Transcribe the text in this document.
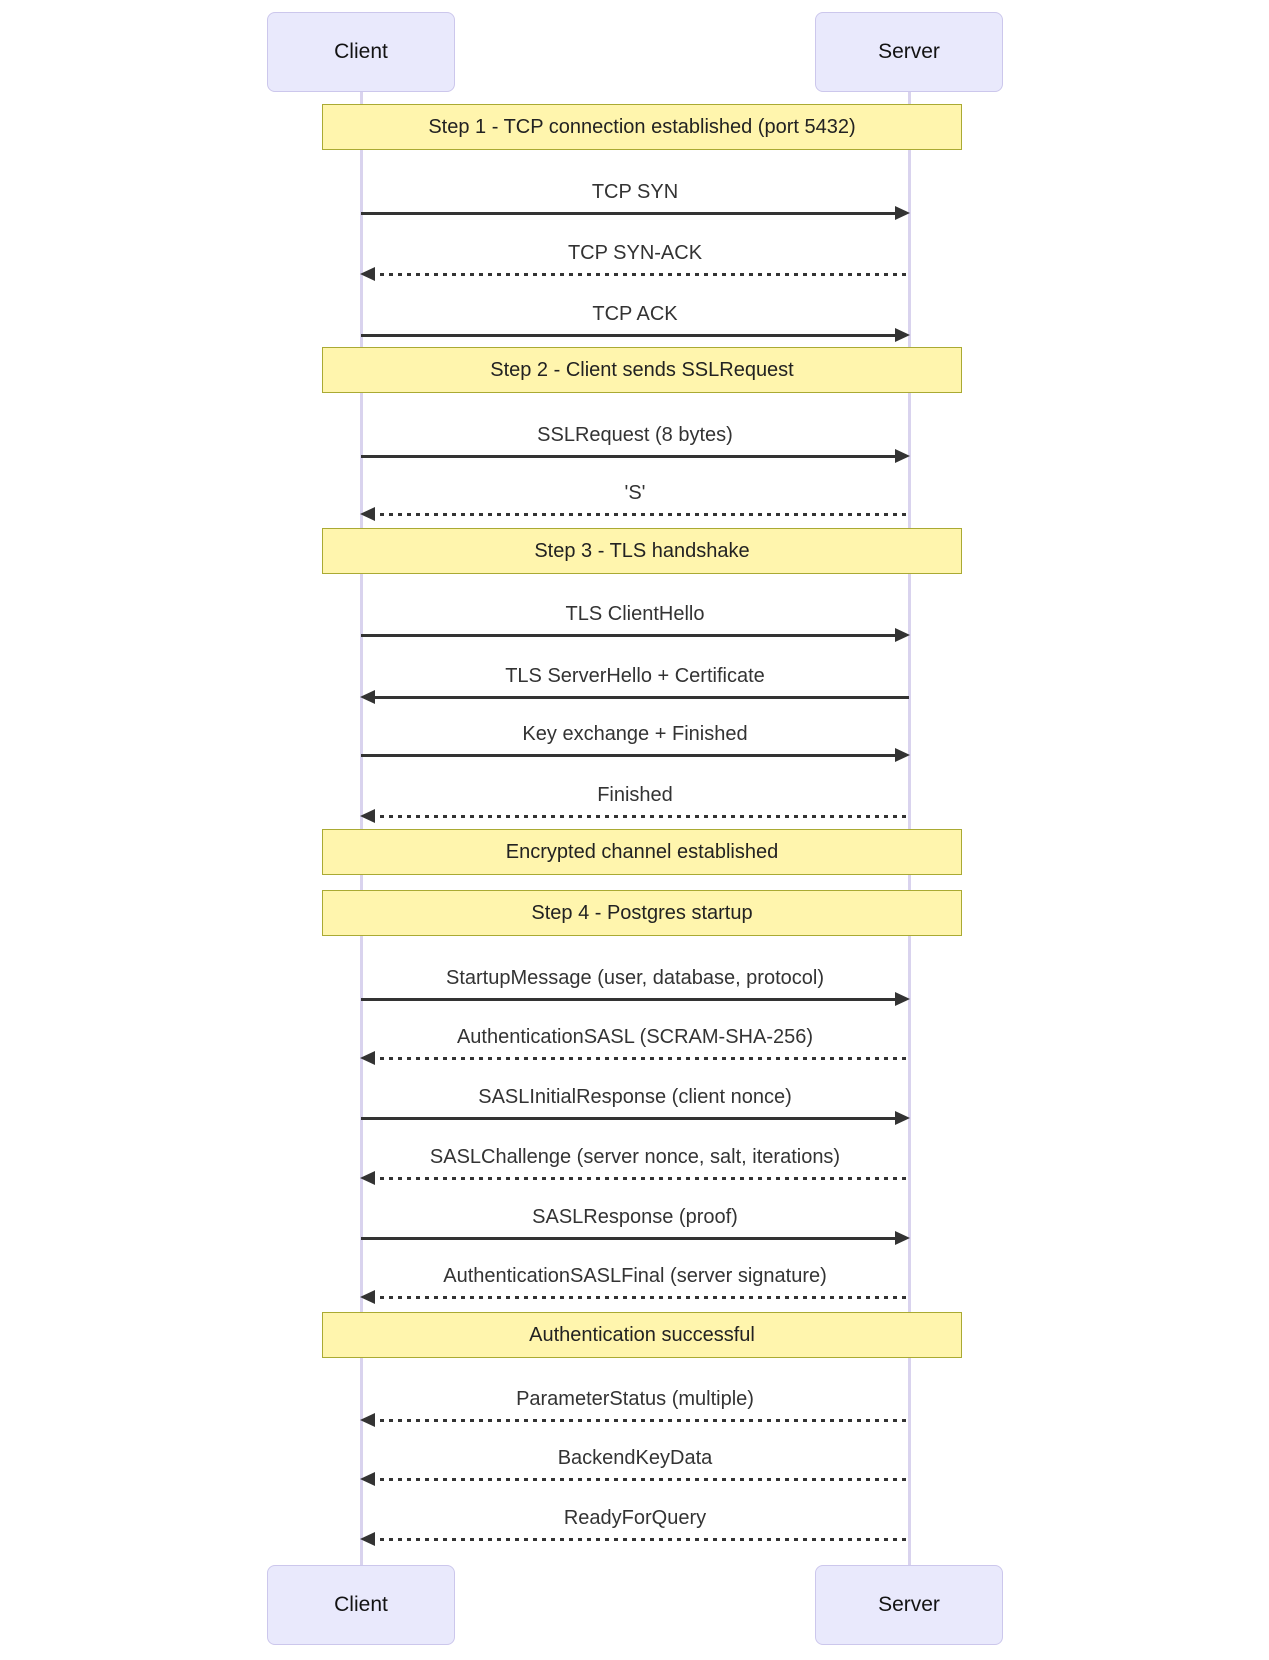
Client	Server
Step 1 - TCP connection established (port 5432)
Step 2 - Client sends SSLRequest
Step 3 - TLS handshake
Encrypted channel established
Step 4 - Postgres startup
Authentication successful
TCP SYN
TCP SYN-ACK
TCP ACK
SSLRequest (8 bytes)
'S'
TLS ClientHello
TLS ServerHello + Certificate
Key exchange + Finished
Finished
StartupMessage (user, database, protocol)
AuthenticationSASL (SCRAM-SHA-256)
SASLInitialResponse (client nonce)
SASLChallenge (server nonce, salt, iterations)
SASLResponse (proof)
AuthenticationSASLFinal (server signature)
ParameterStatus (multiple)
BackendKeyData
ReadyForQuery
Client	Server
